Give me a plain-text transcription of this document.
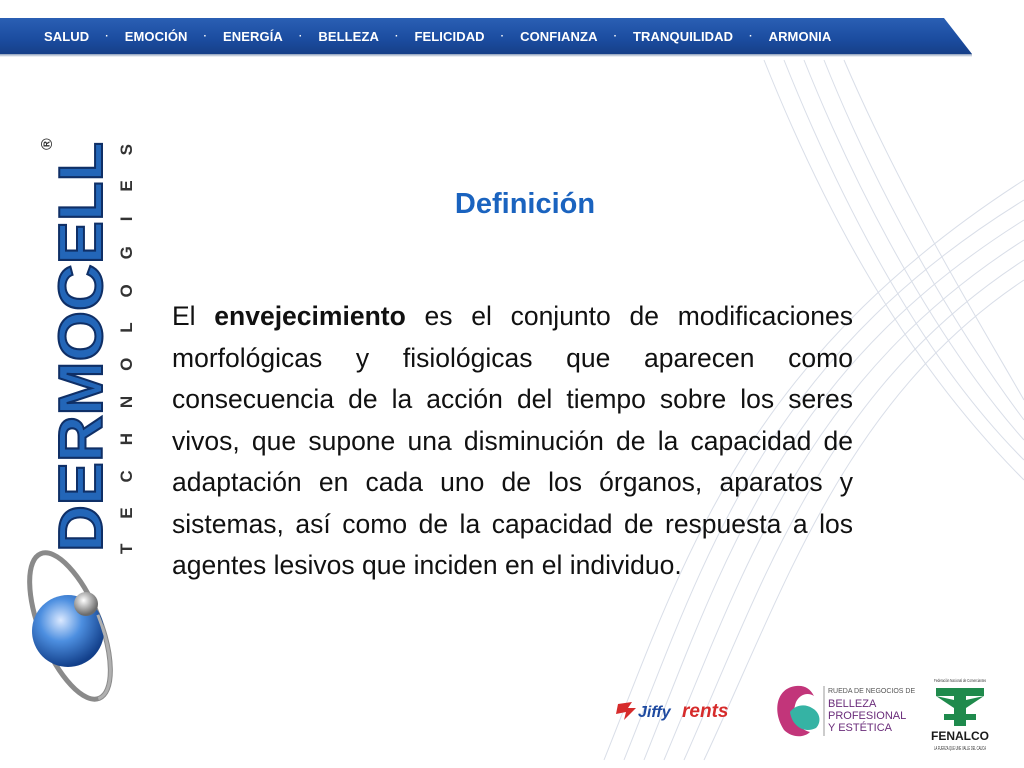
SALUD · EMOCIÓN · ENERGÍA · BELLEZA · FELICIDAD · CONFIANZA · TRANQUILIDAD · ARMONIA
DERMOCELL
®
TECHNOLOGIES
Definición

El envejecimiento es el conjunto de modificaciones morfológicas y fisiológicas que aparecen como consecuencia de la acción del tiempo sobre los seres vivos, que supone una disminución de la capacidad de adaptación en cada uno de los órganos, aparatos y sistemas, así como de la capacidad de respuesta a los agentes lesivos que inciden en el individuo.

Jiffy rents
RUEDA DE NEGOCIOS DE
BELLEZA
PROFESIONAL
Y ESTÉTICA
Federación Nacional de Comerciantes
FENALCO
LA FUERZA QUE UNE VALLE DEL CAUCA
